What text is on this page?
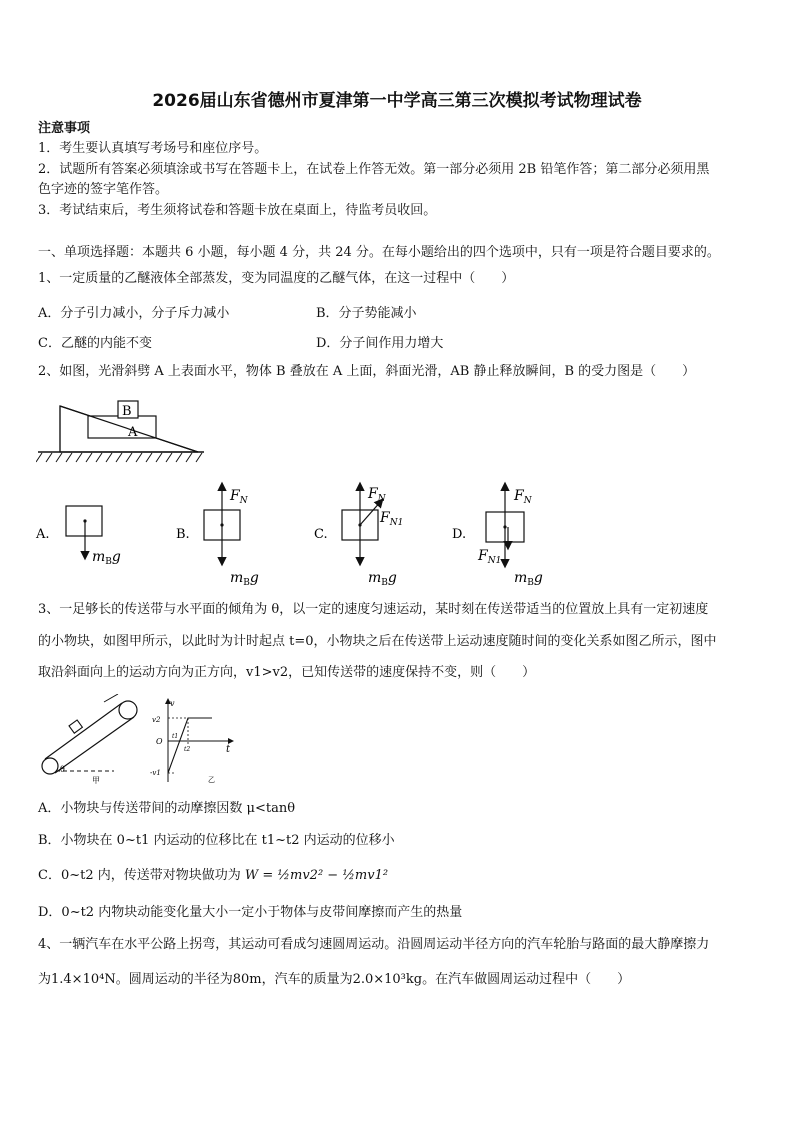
2026届山东省德州市夏津第一中学高三第三次模拟考试物理试卷
注意事项
1．考生要认真填写考场号和座位序号。
2．试题所有答案必须填涂或书写在答题卡上，在试卷上作答无效。第一部分必须用 2B 铅笔作答；第二部分必须用黑
色字迹的签字笔作答。
3．考试结束后，考生须将试卷和答题卡放在桌面上，待监考员收回。
一、单项选择题：本题共 6 小题，每小题 4 分，共 24 分。在每小题给出的四个选项中，只有一项是符合题目要求的。
1、一定质量的乙醚液体全部蒸发，变为同温度的乙醚气体，在这一过程中（　　）
A．分子引力减小，分子斥力减小	B．分子势能减小
C．乙醚的内能不变	D．分子间作用力增大
2、如图，光滑斜劈 A 上表面水平，物体 B 叠放在 A 上面，斜面光滑，AB 静止释放瞬间，B 的受力图是（　　）
B
A
A.
$m_Bg$
B.
$F_N$
$m_Bg$
C.
$F_N$
$F_{N1}$
$m_Bg$
D.
$F_N$
$F_{N1}$
$m_Bg$
3、一足够长的传送带与水平面的倾角为 θ，以一定的速度匀速运动，某时刻在传送带适当的位置放上具有一定初速度
的小物块，如图甲所示，以此时为计时起点 t=0，小物块之后在传送带上运动速度随时间的变化关系如图乙所示，图中
取沿斜面向上的运动方向为正方向，v1>v2，已知传送带的速度保持不变，则（　　）
θ
甲
v
v2
O
t1
t2	t
-v1
乙
A．小物块与传送带间的动摩擦因数 μ<tanθ
B．小物块在 0~t1 内运动的位移比在 t1~t2 内运动的位移小
C．0~t2 内，传送带对物块做功为 W = ½mv2² − ½mv1²
D．0~t2 内物块动能变化量大小一定小于物体与皮带间摩擦而产生的热量
4、一辆汽车在水平公路上拐弯，其运动可看成匀速圆周运动。沿圆周运动半径方向的汽车轮胎与路面的最大静摩擦力
为1.4×10⁴N。圆周运动的半径为80m，汽车的质量为2.0×10³kg。在汽车做圆周运动过程中（　　）
